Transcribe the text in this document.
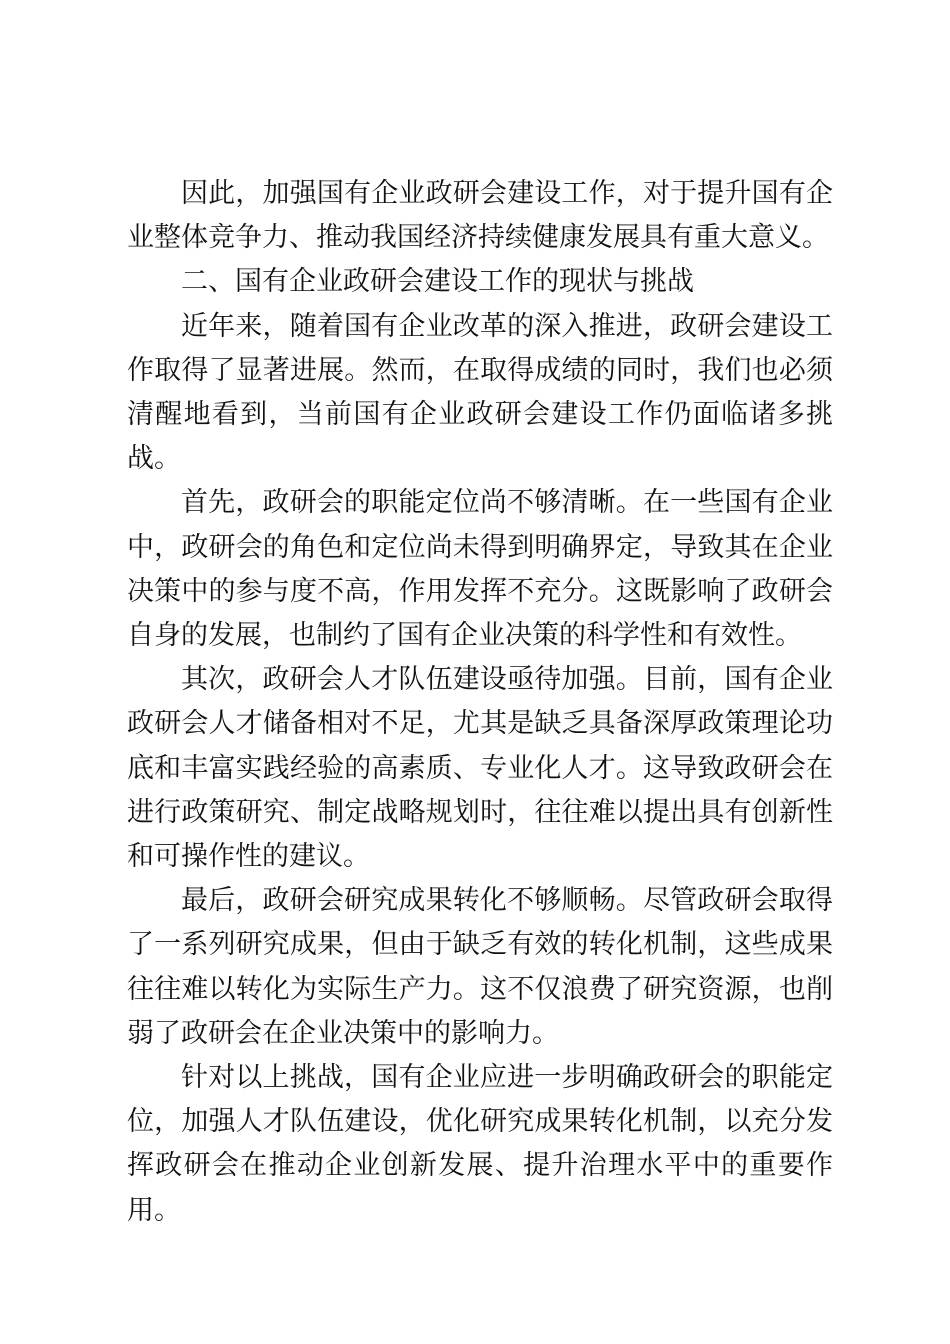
因此，加强国有企业政研会建设工作，对于提升国有企业整体竞争力、推动我国经济持续健康发展具有重大意义。

二、国有企业政研会建设工作的现状与挑战

近年来，随着国有企业改革的深入推进，政研会建设工作取得了显著进展。然而，在取得成绩的同时，我们也必须清醒地看到，当前国有企业政研会建设工作仍面临诸多挑战。

首先，政研会的职能定位尚不够清晰。在一些国有企业中，政研会的角色和定位尚未得到明确界定，导致其在企业决策中的参与度不高，作用发挥不充分。这既影响了政研会自身的发展，也制约了国有企业决策的科学性和有效性。

其次，政研会人才队伍建设亟待加强。目前，国有企业政研会人才储备相对不足，尤其是缺乏具备深厚政策理论功底和丰富实践经验的高素质、专业化人才。这导致政研会在进行政策研究、制定战略规划时，往往难以提出具有创新性和可操作性的建议。

最后，政研会研究成果转化不够顺畅。尽管政研会取得了一系列研究成果，但由于缺乏有效的转化机制，这些成果往往难以转化为实际生产力。这不仅浪费了研究资源，也削弱了政研会在企业决策中的影响力。

针对以上挑战，国有企业应进一步明确政研会的职能定位，加强人才队伍建设，优化研究成果转化机制，以充分发挥政研会在推动企业创新发展、提升治理水平中的重要作用。
